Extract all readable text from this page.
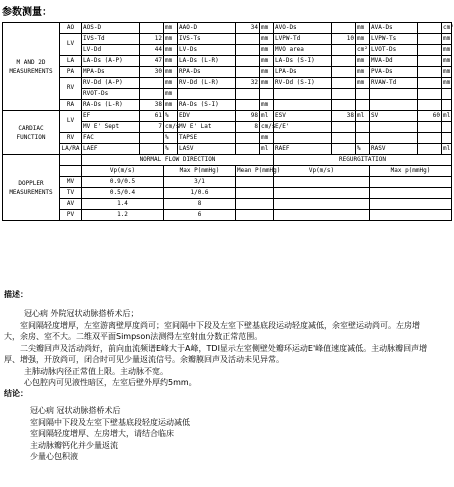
参数测量：
M AND 2D MEASUREMENTS	AO	AOS-D		mm	AAO-D	34	mm	AVO-Ds		mm	AVA-Ds		cm²
	LV	IVS-Td	12	mm	IVS-Ts		mm	LVPW-Td	10	mm	LVPW-Ts		mm
		LV-Dd	44	mm	LV-Ds		mm	MVO area		cm²	LVOT-Ds		mm
	LA	LA-Ds (A-P)	47	mm	LA-Ds (L-R)		mm	LA-Ds (S-I)		mm	MVA-Dd		mm
	PA	MPA-Ds	30	mm	RPA-Ds		mm	LPA-Ds		mm	PVA-Ds		mm
	RV	RV-Dd (A-P)		mm	RV-Dd (L-R)	32	mm	RV-Dd (S-I)		mm	RVAW-Td		mm
		RVOT-Ds		mm									
	RA	RA-Ds (L-R)	38	mm	RA-Ds (S-I)		mm						
CARDIAC FUNCTION	LV	EF	61	%	EDV	98	ml	ESV	38	ml	SV	60	ml
		MV E' Sept	7	cm/s	MV E' Lat	8	cm/s	E/E'					
	RV	FAC		%	TAPSE		mm						
	LA/RA	LAEF		%	LASV		ml	RAEF		%	RASV		ml
DOPPLER MEASUREMENTS		NORMAL FLOW DIRECTION						REGURGITATION					
		Vp(m/s)		Max P(mmHg)		Mean P(mmHg)		Vp(m/s)			Max p(mmHg)		
	MV	0.9/0.5		3/1									
	TV	0.5/0.4		1/0.6									
	AV	1.4		8									
	PV	1.2		6									
描述：

冠心病 外院冠状动脉搭桥术后；

室间隔轻度增厚，左室游离壁厚度尚可；室间隔中下段及左室下壁基底段运动轻度减低，余室壁运动尚可。左房增大，余房、室不大。二维双平面Simpson法测得左室射血分数正常范围。

二尖瓣回声及活动尚好，前向血流频谱E峰大于A峰，TDI显示左室侧壁处瓣环运动E'峰值速度减低。主动脉瓣回声增厚、增强，开放尚可，闭合时可见少量返流信号。余瓣膜回声及活动未见异常。

主肺动脉内径正常值上限。主动脉不宽。

心包腔内可见液性暗区，左室后壁外厚约5mm。

结论：
冠心病 冠状动脉搭桥术后
室间隔中下段及左室下壁基底段轻度运动减低
室间隔轻度增厚、左房增大，请结合临床
主动脉瓣钙化并少量返流
少量心包积液
